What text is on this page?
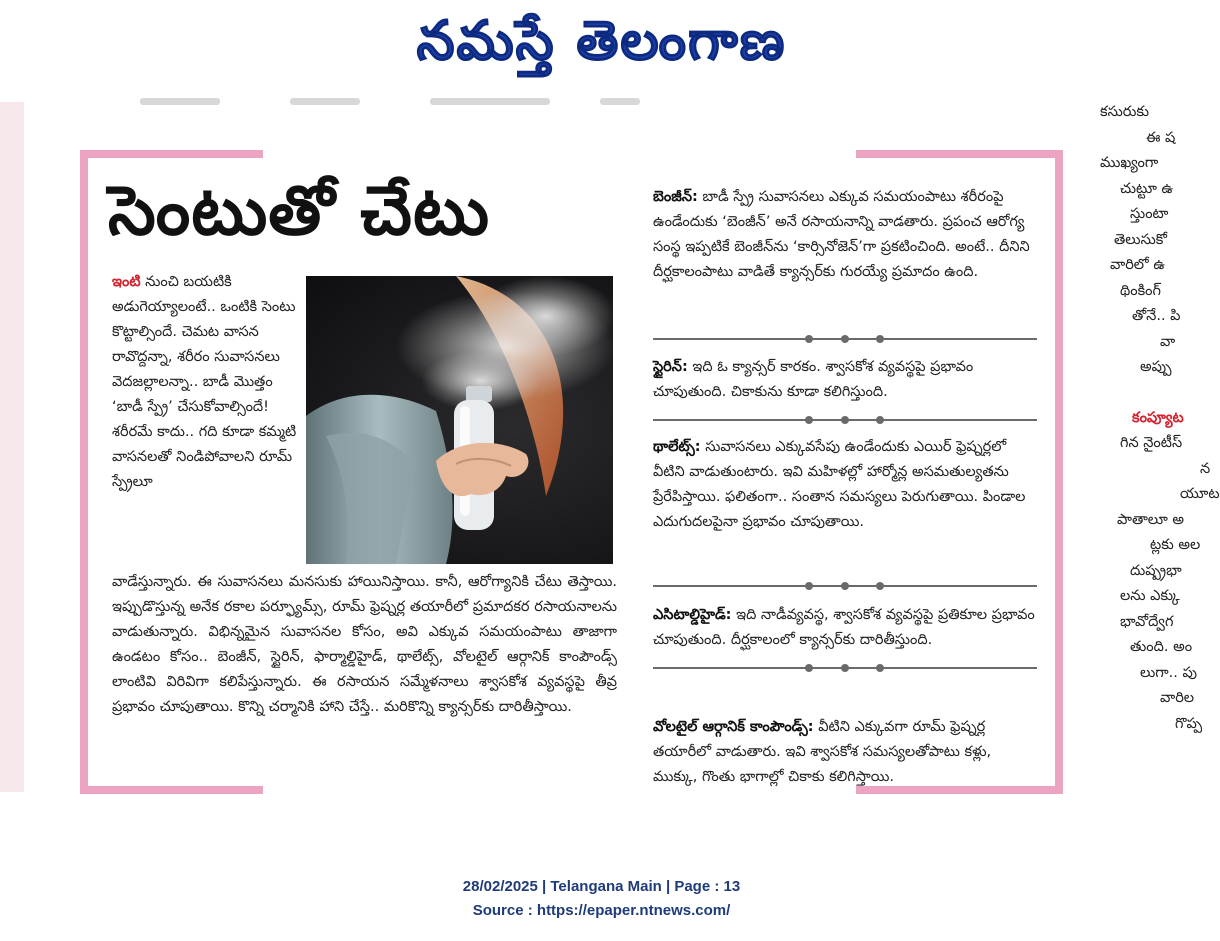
నమస్తే తెలంగాణ
సెంటుతో చేటు

ఇంటి నుంచి బయటికి అడుగెయ్యాలంటే.. ఒంటికి సెంటు కొట్టాల్సిందే. చెమట వాసన రావొద్దన్నా, శరీరం సువాసనలు వెదజల్లాలన్నా.. బాడీ మొత్తం ‘బాడీ స్ప్రే’ చేసుకోవాల్సిందే! శరీరమే కాదు.. గది కూడా కమ్మటి వాసనలతో నిండిపోవాలని రూమ్ స్ప్రేలూ

వాడేస్తున్నారు. ఈ సువాసనలు మనసుకు హాయినిస్తాయి. కానీ, ఆరోగ్యానికి చేటు తెస్తాయి. ఇప్పుడొస్తున్న అనేక రకాల పర్ఫ్యూమ్స్, రూమ్ ఫ్రెష్నర్ల తయారీలో ప్రమాదకర రసాయనాలను వాడుతున్నారు. విభిన్నమైన సువాసనల కోసం, అవి ఎక్కువ సమయంపాటు తాజాగా ఉండటం కోసం.. బెంజీన్, స్టైరిన్, ఫార్మాల్డిహైడ్, థాలేట్స్, వోలటైల్ ఆర్గానిక్ కాంపౌండ్స్ లాంటివి విరివిగా కలిపేస్తున్నారు. ఈ రసాయన సమ్మేళనాలు శ్వాసకోశ వ్యవస్థపై తీవ్ర ప్రభావం చూపుతాయి. కొన్ని చర్మానికి హాని చేస్తే.. మరికొన్ని క్యాన్సర్‌కు దారితీస్తాయి.

బెంజీన్: బాడీ స్ప్రే సువాసనలు ఎక్కువ సమయంపాటు శరీరంపై ఉండేందుకు ‘బెంజీన్’ అనే రసాయనాన్ని వాడతారు. ప్రపంచ ఆరోగ్య సంస్థ ఇప్పటికే బెంజీన్‌ను ‘కార్సినోజెన్’గా ప్రకటించింది. అంటే.. దీనిని దీర్ఘకాలంపాటు వాడితే క్యాన్సర్‌కు గురయ్యే ప్రమాదం ఉంది.

స్టైరిన్: ఇది ఓ క్యాన్సర్ కారకం. శ్వాసకోశ వ్యవస్థపై ప్రభావం చూపుతుంది. చికాకును కూడా కలిగిస్తుంది.

థాలేట్స్: సువాసనలు ఎక్కువసేపు ఉండేందుకు ఎయిర్ ఫ్రెష్నర్లలో వీటిని వాడుతుంటారు. ఇవి మహిళల్లో హార్మోన్ల అసమతుల్యతను ప్రేరేపిస్తాయి. ఫలితంగా.. సంతాన సమస్యలు పెరుగుతాయి. పిండాల ఎదుగుదలపైనా ప్రభావం చూపుతాయి.

ఎసిటాల్డిహైడ్: ఇది నాడీవ్యవస్థ, శ్వాసకోశ వ్యవస్థపై ప్రతికూల ప్రభావం చూపుతుంది. దీర్ఘకాలంలో క్యాన్సర్‌కు దారితీస్తుంది.

వోలటైల్ ఆర్గానిక్ కాంపౌండ్స్: వీటిని ఎక్కువగా రూమ్ ఫ్రెష్నర్ల తయారీలో వాడుతారు. ఇవి శ్వాసకోశ సమస్యలతోపాటు కళ్లు, ముక్కు, గొంతు భాగాల్లో చికాకు కలిగిస్తాయి.

కసురుకు
ఈ ష
ముఖ్యంగా
చుట్టూ ఉ
స్తుంటా
తెలుసుకో
వారిలో ఉ
థింకింగ్
తోనే.. పి
వా
అప్పు
కంప్యూట
గిన నైంటీస్
న
యూట
పాతాలూ అ
ట్లకు అల
దుష్ప్రభా
లను ఎక్కు
భావోద్వేగ
తుంది. అం
లుగా.. పు
వారిల
గొప్ప
28/02/2025 | Telangana Main | Page : 13
Source : https://epaper.ntnews.com/
